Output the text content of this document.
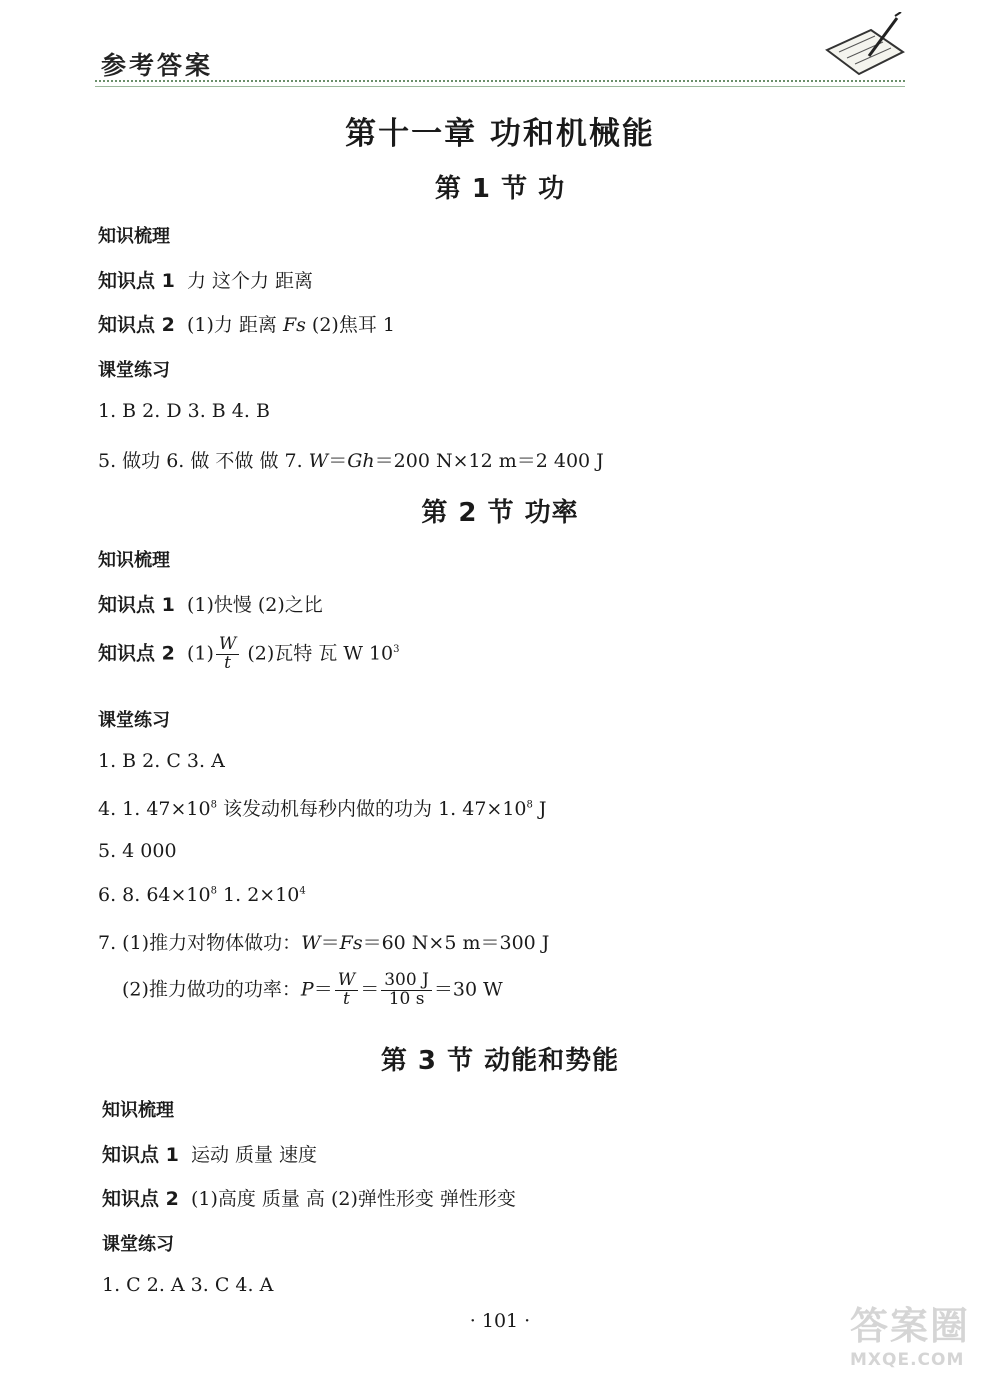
参考答案
第十一章 功和机械能
第 1 节 功
知识梳理
知识点 1 力 这个力 距离
知识点 2 (1)力 距离 Fs (2)焦耳 1
课堂练习
1. B 2. D 3. B 4. B
5. 做功 6. 做 不做 做 7. W＝Gh＝200 N×12 m＝2 400 J
第 2 节 功率
知识梳理
知识点 1 (1)快慢 (2)之比
知识点 2 $(1) \frac{W}{t} (2)$瓦特 瓦 W $10^3$
课堂练习
1. B 2. C 3. A
4. 1. $47\times 10^8$ 该发动机每秒内做的功为 1. $47\times 10^8$ J
5. 4 000
6. 8. $64\times 10^8$ 1. $2\times 10^4$
7. (1)推力对物体做功：W＝Fs＝60 N×5 m＝300 J
(2)推力做功的功率：$P= \frac{W}{t} = \frac{300 J}{10 s} =30$ W
第 3 节 动能和势能
知识梳理
知识点 1 运动 质量 速度
知识点 2 (1)高度 质量 高 (2)弹性形变 弹性形变
课堂练习
1. C 2. A 3. C 4. A
· 101 ·	答案圈
MXQE.COM
